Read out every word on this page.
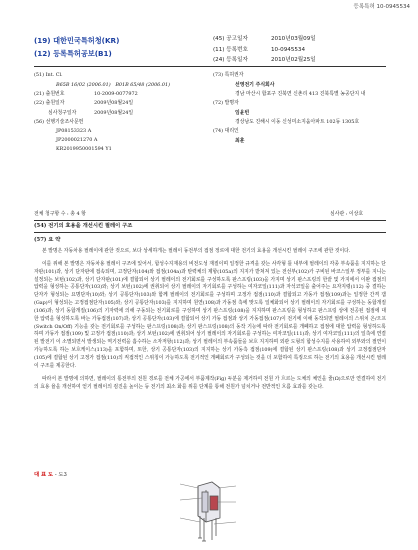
등록특허 10-0945534
(19) 대한민국특허청(KR)
(12) 등록특허공보(B1)
(45) 공고일자	2010년03월09일
(11) 등록번호	10-0945534
(24) 등록일자	2010년02월25일
(51) Int. Cl.
B65B 16/02 (2006.01) B01B 65/48 (2006.01)
(21) 출원번호	10-2009-0077972
(22) 출원일자	2009년08월24일
심사청구일자	2009년08월24일
(56) 선행기술조사문헌
JP08153323 A
JP2000021270 A
KR2019950001594 Y1
(73) 특허권자
선영전기 주식회사
경남 마산시 합포구 진북면 신촌리 413 진북특별 농공단지 내
(72) 발명자
임윤빈
경상남도 진해시 이동 신성미소지움아파트 102동 1305호
(74) 대리인
최훈
전체 청구항 수 : 총 4 항	심사관 : 이상호
(54) 전기의 효용을 개선시킨 필레이 구조
(57) 요 약

본 발명은 자동차용 필레이에 관한 것으로, 보다 상세하게는 필레이 동전부의 접점 정로에 대한 전기의 효용을 개선시킨 필레이 구조에 관한 것이다.

이를 위해 본 발명은 자동차용 필레이 구조에 있어서, 합성수지재용의 비전도성 재질이며 일정한 규격을 갖는 사각형 틀 내부에 필레이의 각종 부속품을 지지하는 단자판(101)과, 상기 단자판에 접속되며, 고정단자(104)와 접점(104a)과 탄력체의 제항(105a)의 지지가 받쳐져 있는 전선부(102)가 구비된 바코스일부 정부를 지니는 설정되는 보턴(102)과, 상기 단자판(101)에 결합되어 상기 필레이의 전기회로를 구성하도록 판스프링(103)을 가지며 상기 판스프링의 한끝 및 가지에서 이완 접점의 압력을 형성하는 공통단자(103)와; 상기 보턴(102)에 권취되어 상기 필레이의 자기회로를 구성하는 여자코일(111)과 자석코일을 출어주는 요자지령(112) 중 결하는 단자가 형성되는 요명단자(10)와; 상기 공통단자(103)와 함께 필레이의 전기회로를 구성하며 고정가 접점(110)과 결합되고 가동가 접점(109)과는 일정한 간격 갭(Gap)이 형성되는 고정접점단자(105)와; 상기 공통단자(103)를 지지하며 원연(108)과 가동점 측에 맞도록 일체화되어 상기 필레이의 자기회로를 구성하는 동합개질(106)과; 상기 동합개질(106)의 기자력에 의해 구동되는 전기회로를 구성하며 상기 판스프링(108)을 지지하며 판스프링을 형성하고 판스프링 상에 전공된 접점에 대한 압력을 형성하도록 바는 가동접점(107)과; 상기 공통단자(103)에 결합되어 상기 가동 접점과 상기 가동접점(107)이 전기에 이해 동작되면 필레이의 스위치 온/오프(Switch On/Off) 기능을 갖는 전기회로를 구성하는 판스프링(108)과; 상기 판스프링(108)의 동작 기능에 따라 전기회로를 개폐하고 접점에 대한 압력을 형성하도록 하며 가동가 접점(109) 및 고정가 접점(110)과; 상기 보턴(102)에 권취되어 상기 필레이의 자기회로를 구성하는 여자코일(111)과; 상기 여자코일(111)의 일측에 연결된 발전기 이 소멸되면서 발생되는 역기전력을 흡수하는 소자저항(112)과; 상기 필레이의 부속품들을 보호 지지하며 외관 도형의 합성수지를 사용하여 외부와의 절연이 가능하도록 하는 보호케이스(113)을 포함하며, 또한, 상기 공통단자(103)의 지지하는 상기 가동측 접점(109)에 결합된 상기 판스프링(108)과 상기 고정접점단자(105)에 결합된 상기 고정가 접점(110)의 직접적인 스위칭이 가능하도록 전기적인 개폐회로가 구성되는 것을 더 포함하여 특징으로 하는 전기의 효용을 개선시킨 필레이 구조를 제공한다.

따라서 본 발명에 의하면, 필레이의 통전부의 전원 경로를 전체 가공에서 부품제작(Fig) 두분을 제거하여 전원 가 흐르는 도체의 체인을 줄(Ω)으로만 연결하여 전기의 효용 율을 개선하여 얻기 필레이의 검진을 높이는 등 전기의 최소 화를 위를 단계를 통해 전원가 넘치거나 전반적인 흐름 효과를 갖는다.

대 표 도 - 도3
